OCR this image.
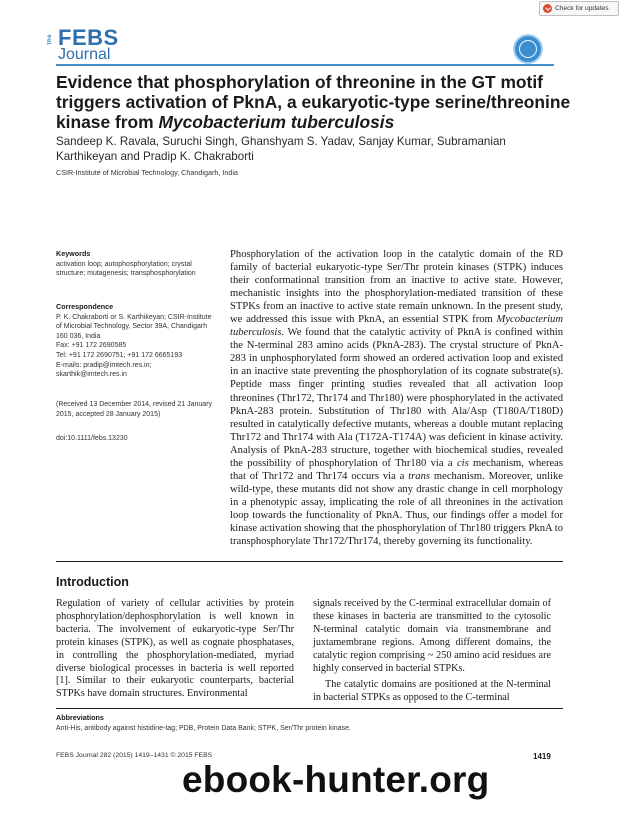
Check for updates
the FEBS
Journal
Evidence that phosphorylation of threonine in the GT motif triggers activation of PknA, a eukaryotic-type serine/threonine kinase from Mycobacterium tuberculosis
Sandeep K. Ravala, Suruchi Singh, Ghanshyam S. Yadav, Sanjay Kumar, Subramanian Karthikeyan and Pradip K. Chakraborti
CSIR-Institute of Microbial Technology, Chandigarh, India
Keywords

activation loop; autophosphorylation; crystal structure; mutagenesis; transphosphorylation

Correspondence

P. K. Chakraborti or S. Karthikeyan; CSIR-Institute of Microbial Technology, Sector 39A, Chandigarh 160 036, India

Fax: +91 172 2690585

Tel: +91 172 2690751; +91 172 6665193

E-mails: pradip@imtech.res.in; skarthik@imtech.res.in

(Received 13 December 2014, revised 21 January 2015, accepted 28 January 2015)
doi:10.1111/febs.13230
Phosphorylation of the activation loop in the catalytic domain of the RD family of bacterial eukaryotic-type Ser/Thr protein kinases (STPK) induces their conformational transition from an inactive to active state. However, mechanistic insights into the phosphorylation-mediated transition of these STPKs from an inactive to active state remain unknown. In the present study, we addressed this issue with PknA, an essential STPK from Mycobacterium tuberculosis. We found that the catalytic activity of PknA is confined within the N-terminal 283 amino acids (PknA-283). The crystal structure of PknA-283 in unphosphorylated form showed an ordered activation loop and existed in an inactive state preventing the phosphorylation of its cognate substrate(s). Peptide mass finger printing studies revealed that all activation loop threonines (Thr172, Thr174 and Thr180) were phosphorylated in the activated PknA-283 protein. Substitution of Thr180 with Ala/Asp (T180A/T180D) resulted in catalytically defective mutants, whereas a double mutant replacing Thr172 and Thr174 with Ala (T172A-T174A) was deficient in kinase activity. Analysis of PknA-283 structure, together with biochemical studies, revealed the possibility of phosphorylation of Thr180 via a cis mechanism, whereas that of Thr172 and Thr174 occurs via a trans mechanism. Moreover, unlike wild-type, these mutants did not show any drastic change in cell morphology in a phenotypic assay, implicating the role of all threonines in the activation loop towards the functionality of PknA. Thus, our findings offer a model for kinase activation showing that the phosphorylation of Thr180 triggers PknA to transphosphorylate Thr172/Thr174, thereby governing its functionality.
Introduction

Regulation of variety of cellular activities by protein phosphorylation/dephosphorylation is well known in bacteria. The involvement of eukaryotic-type Ser/Thr protein kinases (STPK), as well as cognate phosphatases, in controlling the phosphorylation-mediated, myriad diverse biological processes in bacteria is well reported [1]. Similar to their eukaryotic counterparts, bacterial STPKs have domain structures. Environmental

signals received by the C-terminal extracellular domain of these kinases in bacteria are transmitted to the cytosolic N-terminal catalytic domain via transmembrane and juxtamembrane regions. Among different domains, the catalytic region comprising ~ 250 amino acid residues are highly conserved in bacterial STPKs.

The catalytic domains are positioned at the N-terminal in bacterial STPKs as opposed to the C-terminal

Abbreviations
Anti-His, antibody against histidine-tag; PDB, Protein Data Bank; STPK, Ser/Thr protein kinase.
FEBS Journal 282 (2015) 1419–1431 © 2015 FEBS	1419
ebook-hunter.org
